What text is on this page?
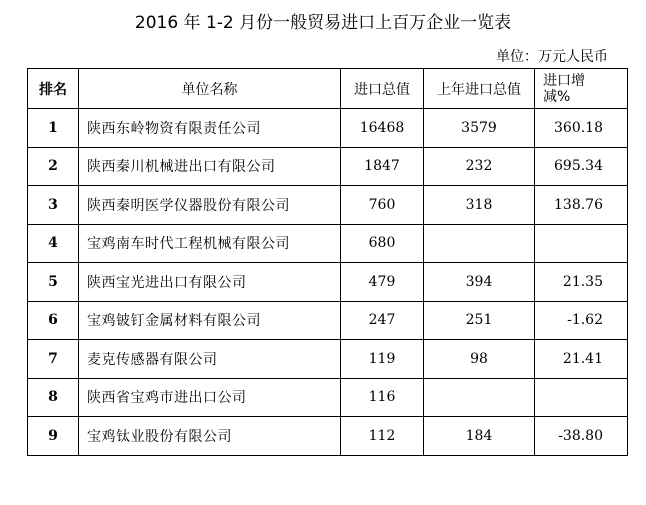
2016 年 1-2 月份一般贸易进口上百万企业一览表
单位：万元人民币
排名	单位名称	进口总值	上年进口总值	进口增
减%
1	陕西东岭物资有限责任公司	16468	3579	360.18
2	陕西秦川机械进出口有限公司	1847	232	695.34
3	陕西秦明医学仪器股份有限公司	760	318	138.76
4	宝鸡南车时代工程机械有限公司	680		
5	陕西宝光进出口有限公司	479	394	21.35
6	宝鸡铍钉金属材料有限公司	247	251	-1.62
7	麦克传感器有限公司	119	98	21.41
8	陕西省宝鸡市进出口公司	116		
9	宝鸡钛业股份有限公司	112	184	-38.80
